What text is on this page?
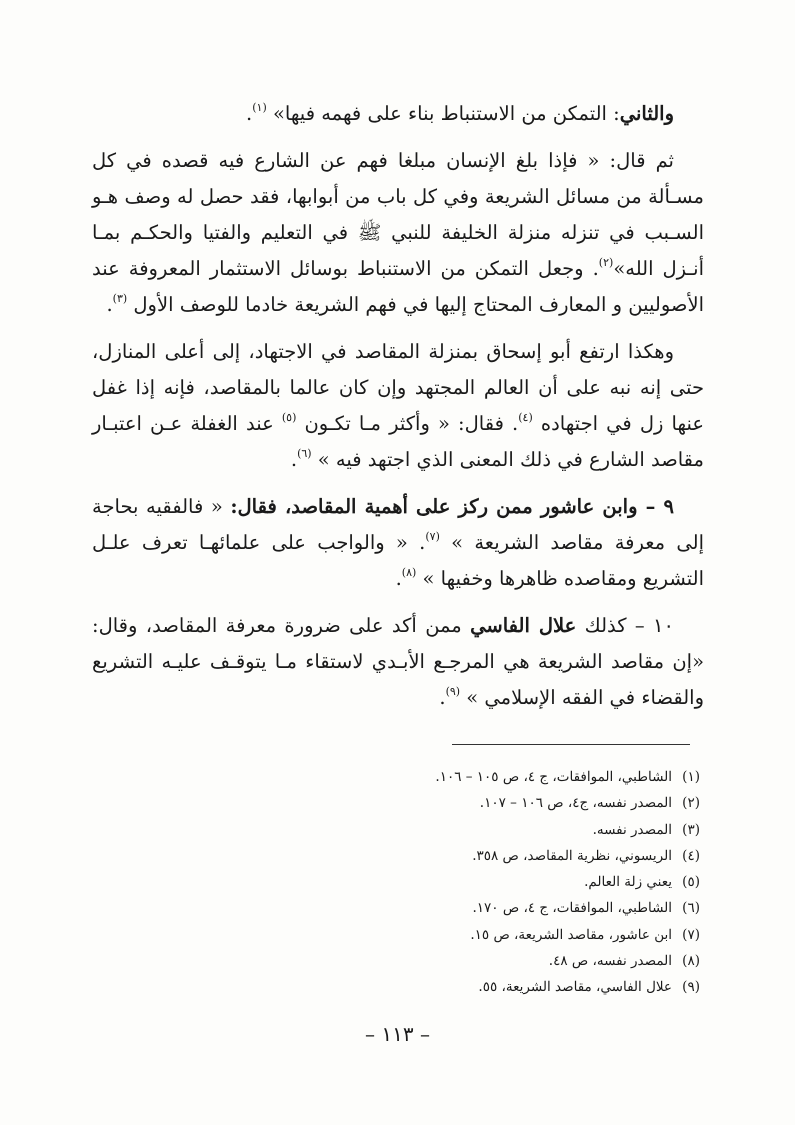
والثاني: التمكن من الاستنباط بناء على فهمه فيها» $^{(١)}$.

ثم قال: « فإذا بلغ الإنسان مبلغا فهم عن الشارع فيه قصده في كل مسـألة من مسائل الشريعة وفي كل باب من أبوابها، فقد حصل له وصف هـو السـبب في تنزله منزلة الخليفة للنبي ﷺ في التعليم والفتيا والحكـم بمـا أنـزل الله»$^{(٢)}$. وجعل التمكن من الاستنباط بوسائل الاستثمار المعروفة عند الأصوليين و المعارف المحتاج إليها في فهم الشريعة خادما للوصف الأول $^{(٣)}$.

وهكذا ارتفع أبو إسحاق بمنزلة المقاصد في الاجتهاد، إلى أعلى المنازل، حتى إنه نبه على أن العالم المجتهد وإن كان عالما بالمقاصد، فإنه إذا غفل عنها زل في اجتهاده $^{(٤)}$. فقال: « وأكثر مـا تكـون $^{(٥)}$ عند الغفلة عـن اعتبـار مقاصد الشارع في ذلك المعنى الذي اجتهد فيه » $^{(٦)}$.

٩ – وابن عاشور ممن ركز على أهمية المقاصد، فقال: « فالفقيه بحاجة إلى معرفة مقاصد الشريعة » $^{(٧)}$. « والواجب على علمائهـا تعرف علـل التشريع ومقاصده ظاهرها وخفيها » $^{(٨)}$.

١٠ – كذلك علال الفاسي ممن أكد على ضرورة معرفة المقاصد، وقال: «إن مقاصد الشريعة هي المرجـع الأبـدي لاستقاء مـا يتوقـف عليـه التشريع والقضاء في الفقه الإسلامي » $^{(٩)}$.

(١)
الشاطبي، الموافقات، ج ٤، ص ١٠٥ – ١٠٦.
(٢)
المصدر نفسه، ج٤، ص ١٠٦ – ١٠٧.
(٣)
المصدر نفسه.
(٤)
الريسوني، نظرية المقاصد، ص ٣٥٨.
(٥)
يعني زلة العالم.
(٦)
الشاطبي، الموافقات، ج ٤، ص ١٧٠.
(٧)
ابن عاشور، مقاصد الشريعة، ص ١٥.
(٨)
المصدر نفسه، ص ٤٨.
(٩)
علال الفاسي، مقاصد الشريعة، ٥٥.
– ١١٣ –
